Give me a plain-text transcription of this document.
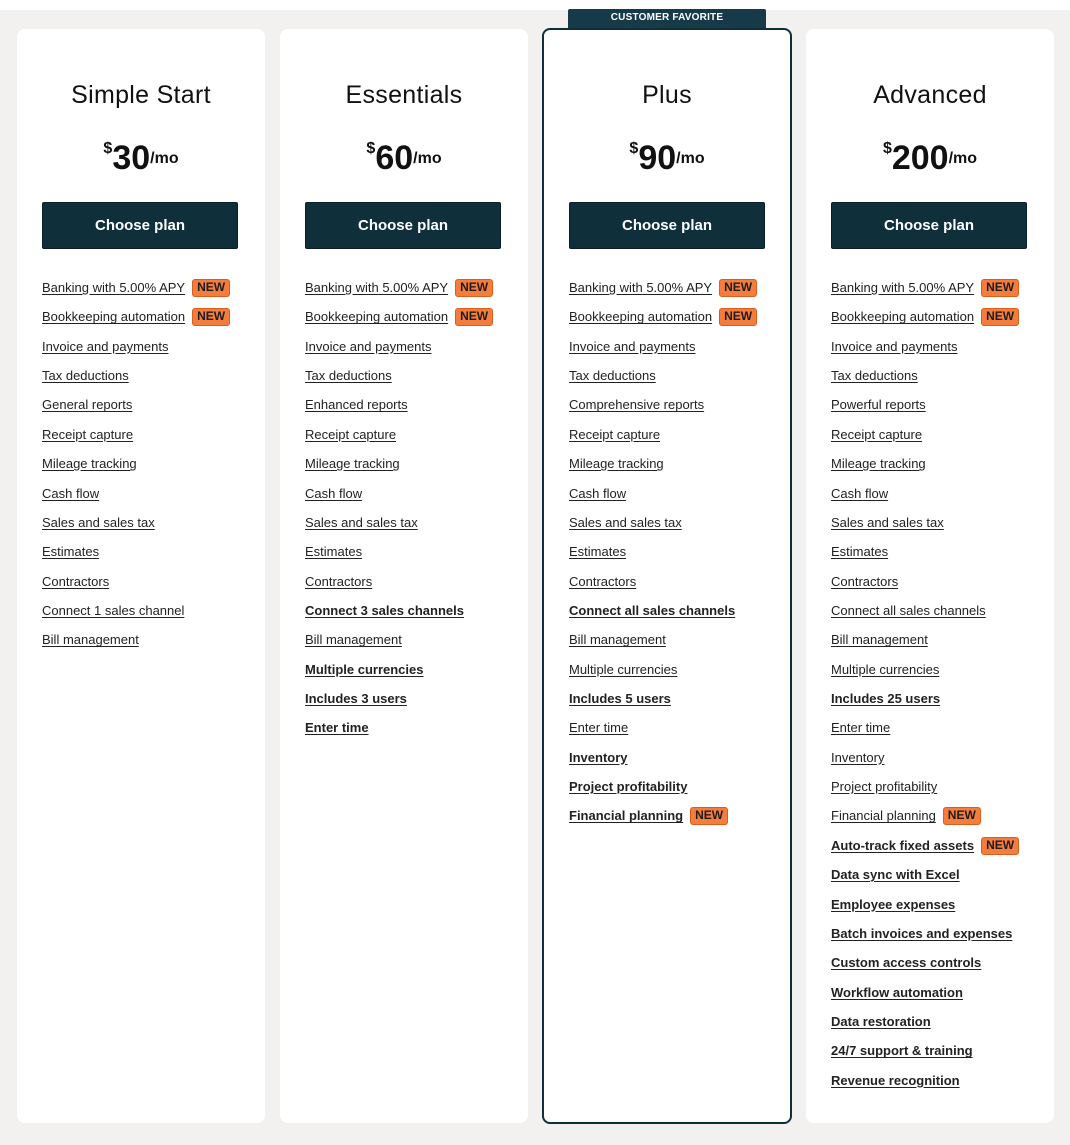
CUSTOMER FAVORITE
Simple Start
$30/mo
Choose plan
Banking with 5.00% APY NEW
Bookkeeping automation NEW
Invoice and payments
Tax deductions
General reports
Receipt capture
Mileage tracking
Cash flow
Sales and sales tax
Estimates
Contractors
Connect 1 sales channel
Bill management
Essentials
$60/mo
Choose plan
Banking with 5.00% APY NEW
Bookkeeping automation NEW
Invoice and payments
Tax deductions
Enhanced reports
Receipt capture
Mileage tracking
Cash flow
Sales and sales tax
Estimates
Contractors
Connect 3 sales channels
Bill management
Multiple currencies
Includes 3 users
Enter time
Plus
$90/mo
Choose plan
Banking with 5.00% APY NEW
Bookkeeping automation NEW
Invoice and payments
Tax deductions
Comprehensive reports
Receipt capture
Mileage tracking
Cash flow
Sales and sales tax
Estimates
Contractors
Connect all sales channels
Bill management
Multiple currencies
Includes 5 users
Enter time
Inventory
Project profitability
Financial planning NEW
Advanced
$200/mo
Choose plan
Banking with 5.00% APY NEW
Bookkeeping automation NEW
Invoice and payments
Tax deductions
Powerful reports
Receipt capture
Mileage tracking
Cash flow
Sales and sales tax
Estimates
Contractors
Connect all sales channels
Bill management
Multiple currencies
Includes 25 users
Enter time
Inventory
Project profitability
Financial planning NEW
Auto-track fixed assets NEW
Data sync with Excel
Employee expenses
Batch invoices and expenses
Custom access controls
Workflow automation
Data restoration
24/7 support & training
Revenue recognition
